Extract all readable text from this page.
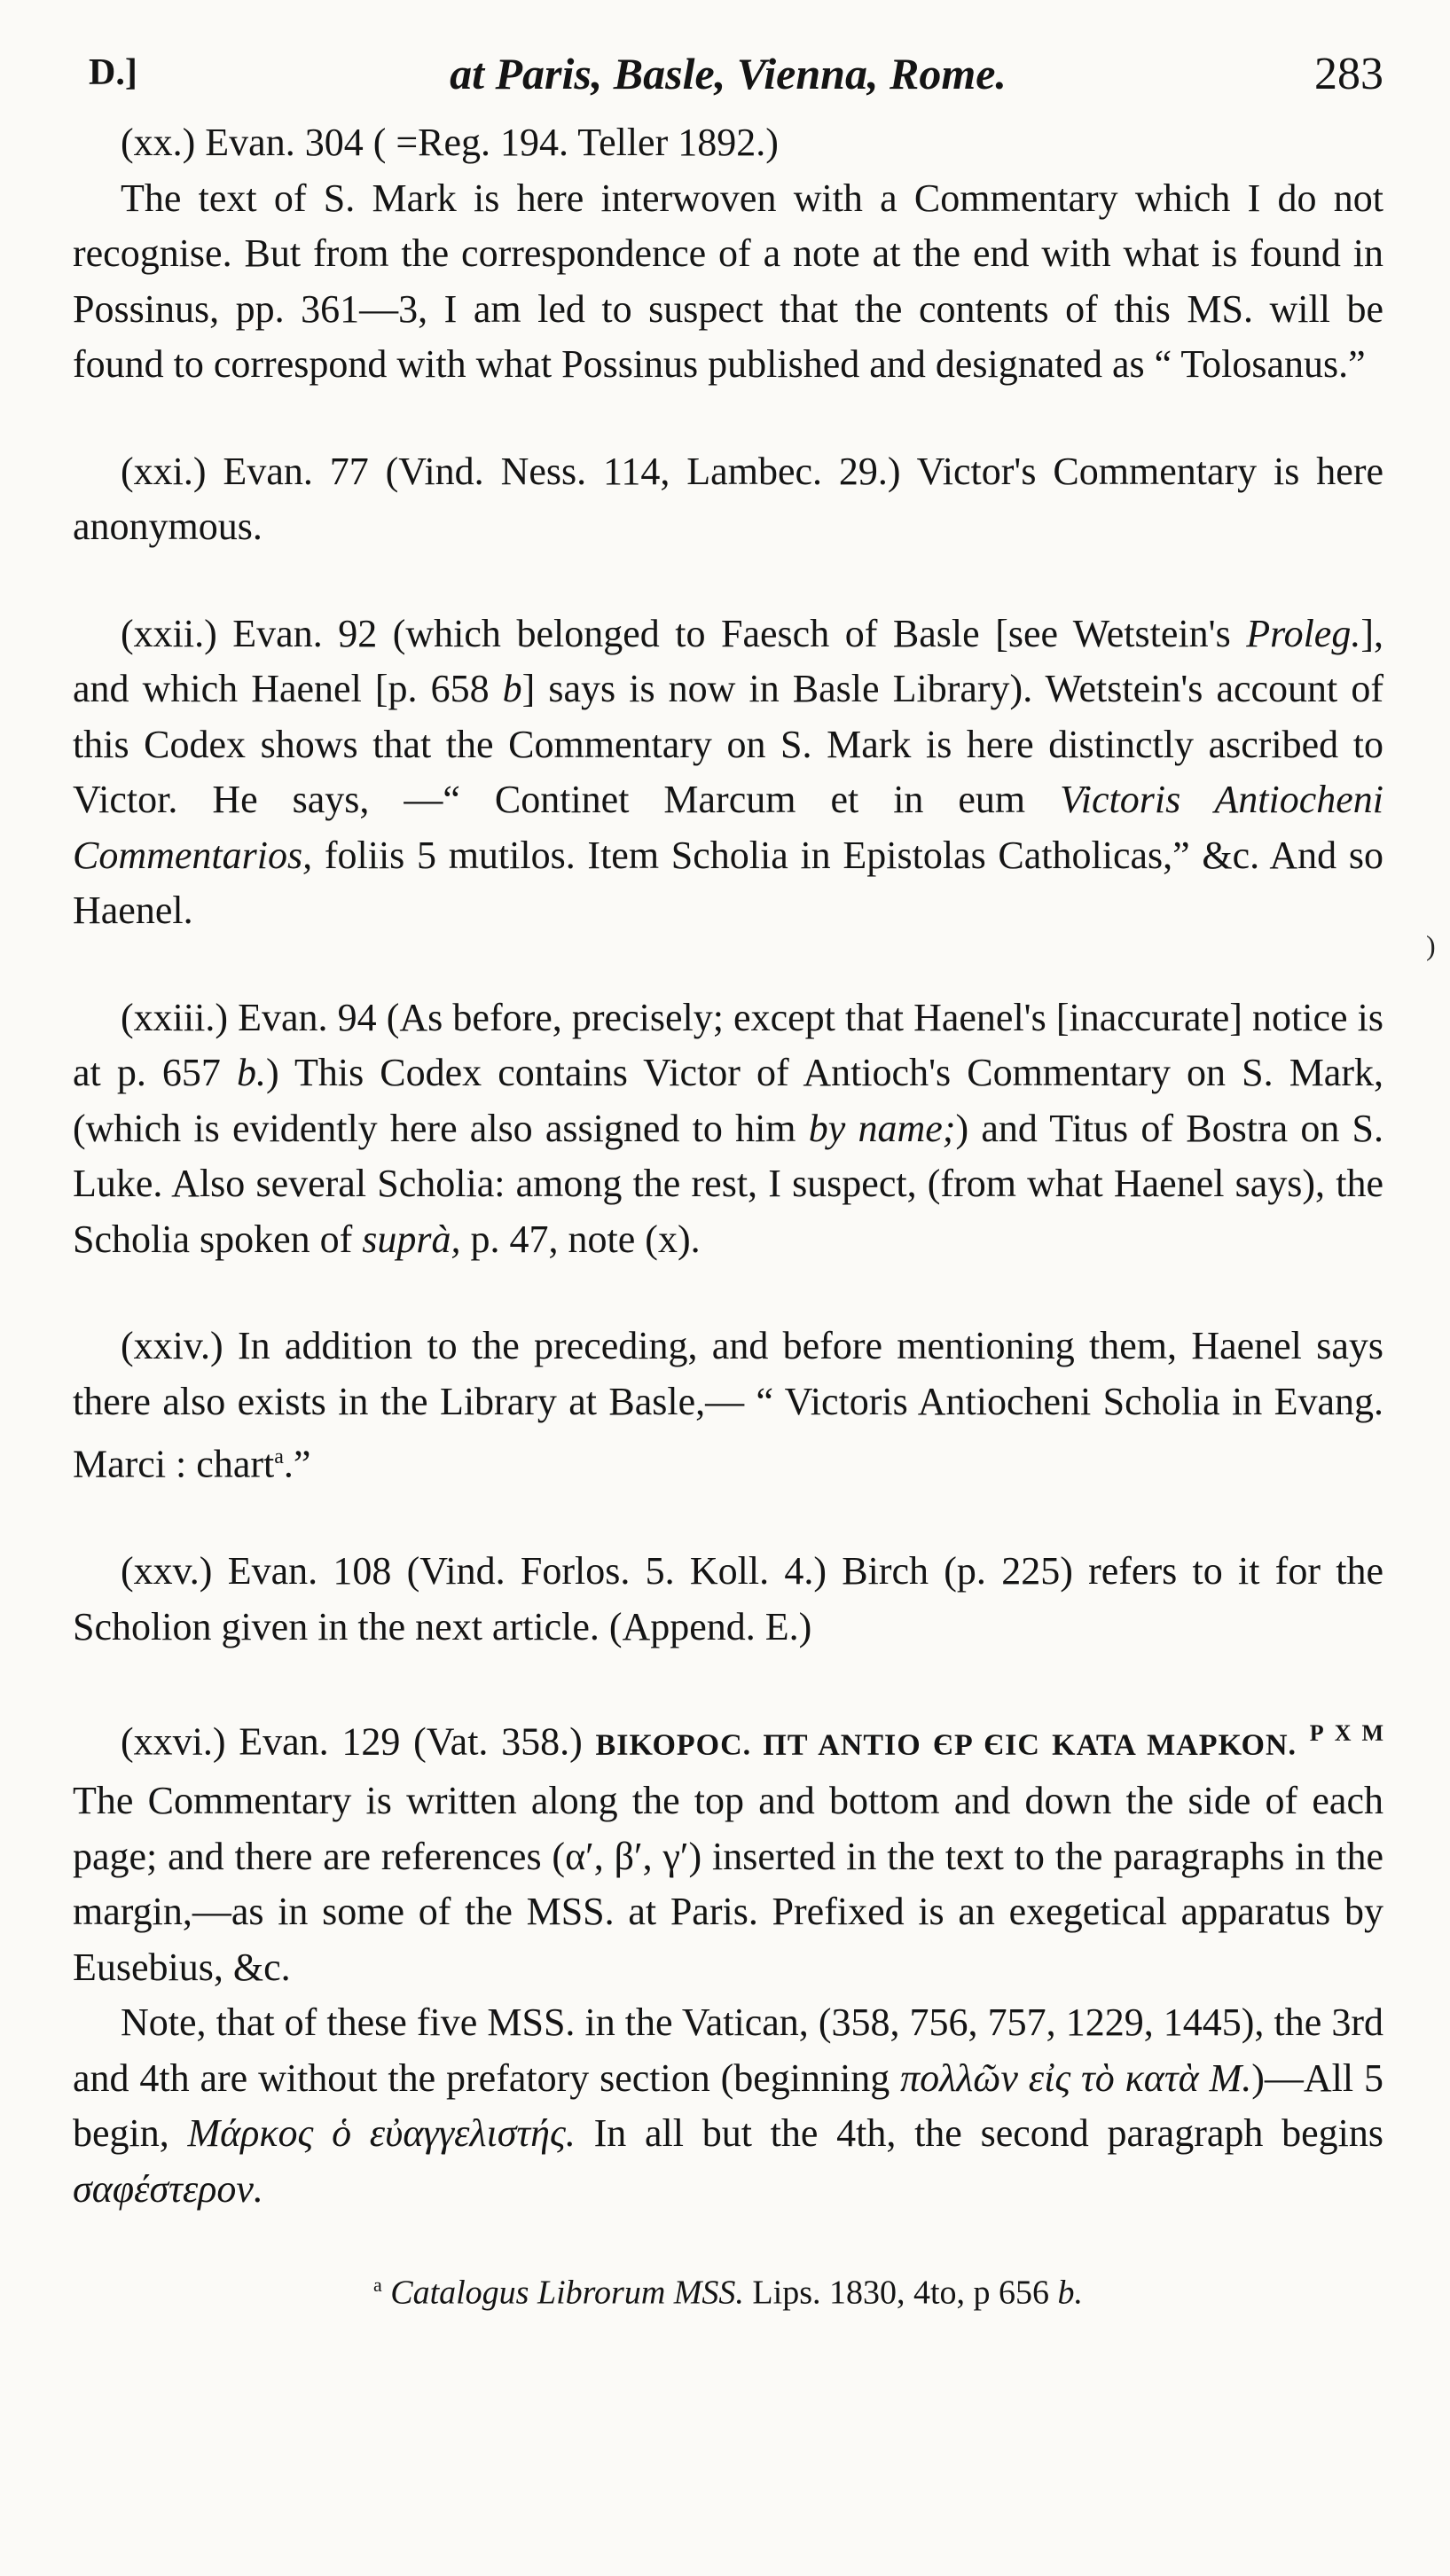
D.]	at Paris, Basle, Vienna, Rome.	283

(xx.) Evan. 304 ( =Reg. 194. Teller 1892.)
The text of S. Mark is here interwoven with a Commentary which I do not recognise. But from the correspondence of a note at the end with what is found in Possinus, pp. 361—3, I am led to suspect that the contents of this MS. will be found to correspond with what Possinus published and designated as “ Tolosanus.”

(xxi.) Evan. 77 (Vind. Ness. 114, Lambec. 29.) Victor's Commentary is here anonymous.

(xxii.) Evan. 92 (which belonged to Faesch of Basle [see Wetstein's Proleg.], and which Haenel [p. 658 b] says is now in Basle Library). Wetstein's account of this Codex shows that the Commentary on S. Mark is here distinctly ascribed to Victor. He says, —“ Continet Marcum et in eum Victoris Antiocheni Commentarios, foliis 5 mutilos. Item Scholia in Epistolas Catholicas,” &c. And so Haenel.

(xxiii.) Evan. 94 (As before, precisely; except that Haenel's [inaccurate] notice is at p. 657 b.) This Codex contains Victor of Antioch's Commentary on S. Mark, (which is evidently here also assigned to him by name;) and Titus of Bostra on S. Luke. Also several Scholia: among the rest, I suspect, (from what Haenel says), the Scholia spoken of suprà, p. 47, note (x).

(xxiv.) In addition to the preceding, and before mentioning them, Haenel says there also exists in the Library at Basle,— “ Victoris Antiocheni Scholia in Evang. Marci : chart$^a$.”

(xxv.) Evan. 108 (Vind. Forlos. 5. Koll. 4.) Birch (p. 225) refers to it for the Scholion given in the next article. (Append. E.)

(xxvi.) Evan. 129 (Vat. 358.) ΒΙΚΟΡΟC. ΠΤ ΑΝΤΙΟ ЄΡ ЄΙC ΚΑΤΑ ΜΑΡΚΟΝ. $^P$ $^X$ $^M$ The Commentary is written along the top and bottom and down the side of each page; and there are references (α′, β′, γ′) inserted in the text to the paragraphs in the margin,—as in some of the MSS. at Paris. Prefixed is an exegetical apparatus by Eusebius, &c.
Note, that of these five MSS. in the Vatican, (358, 756, 757, 1229, 1445), the 3rd and 4th are without the prefatory section (beginning πολλῶν εἰς τὸ κατὰ Μ.)—All 5 begin, Μάρκος ὁ εὐαγγελιστής. In all but the 4th, the second paragraph begins σαφέστερον.

$^a$ Catalogus Librorum MSS. Lips. 1830, 4to, p 656 b.
)
